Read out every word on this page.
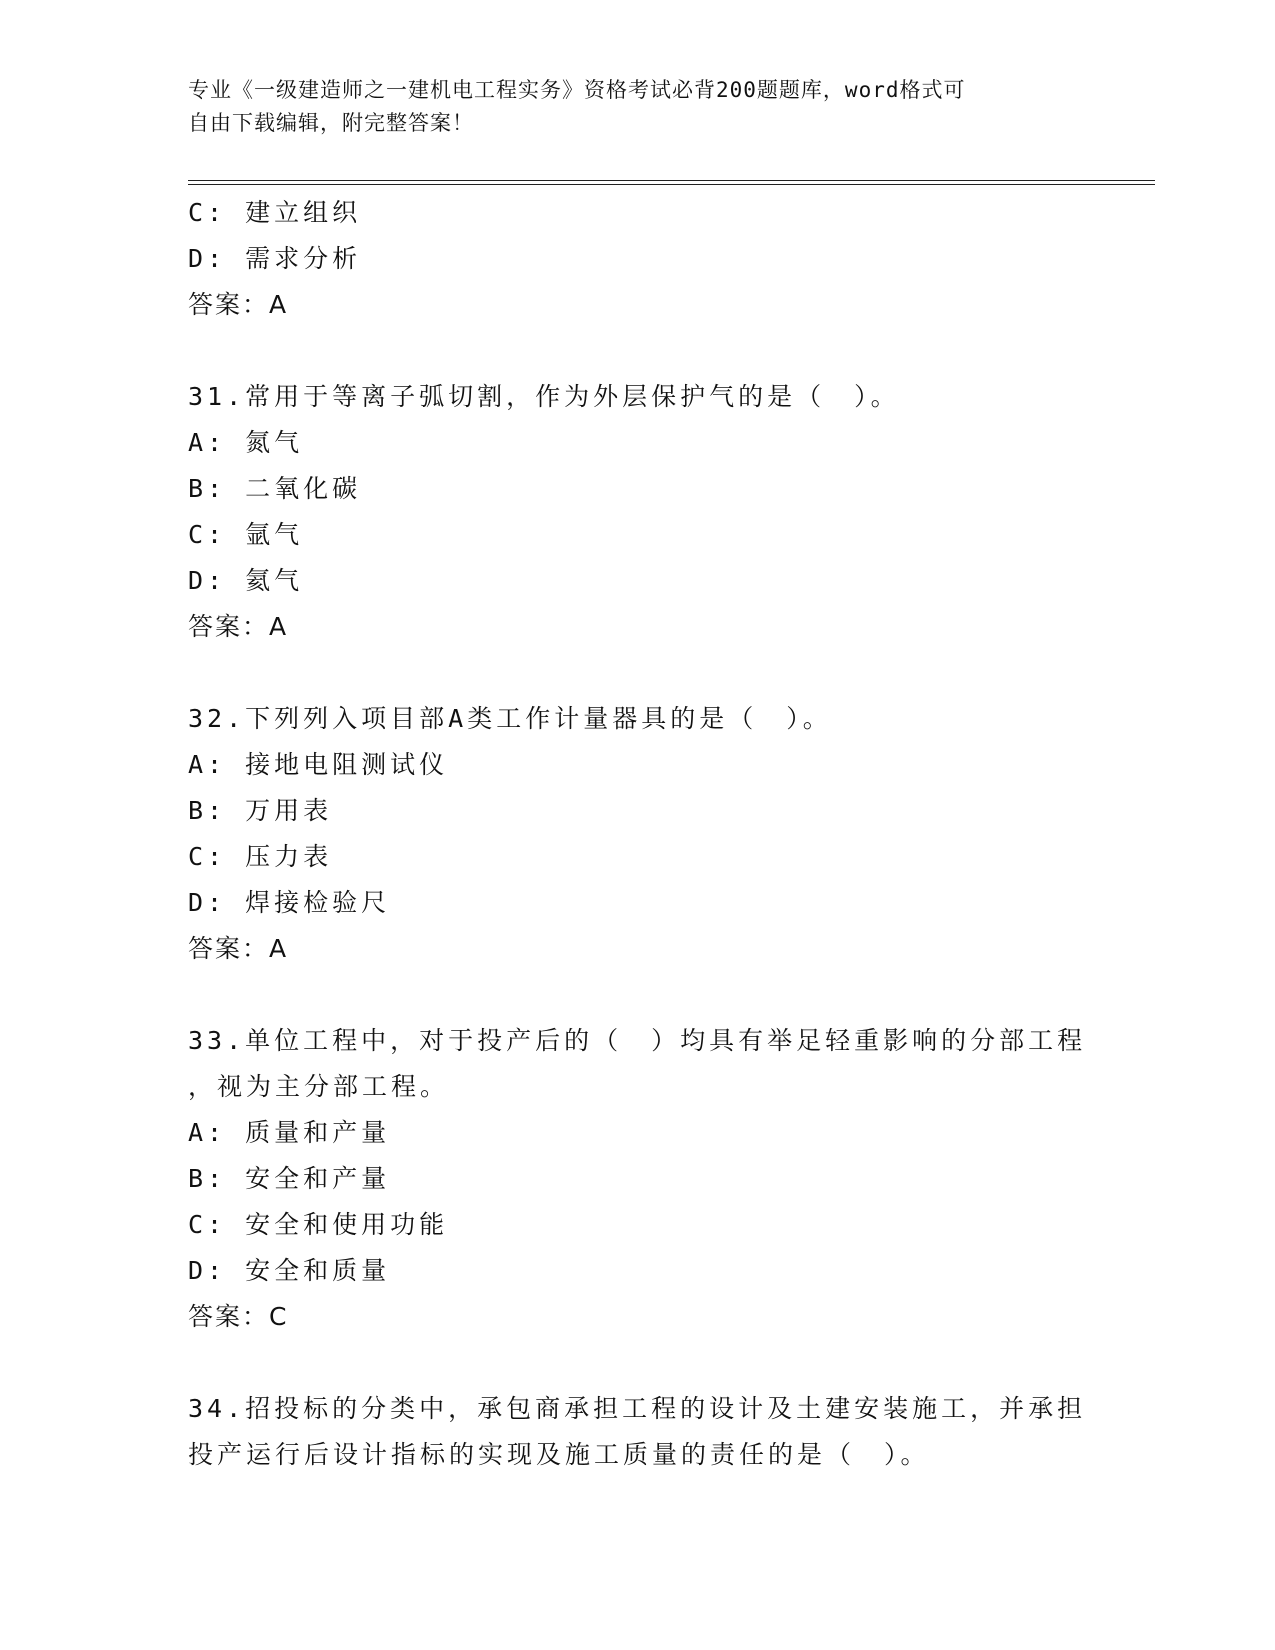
专业《一级建造师之一建机电工程实务》资格考试必背200题题库，word格式可
自由下载编辑，附完整答案！
C: 建立组织
D: 需求分析
答案：A
31.常用于等离子弧切割，作为外层保护气的是（　）。
A: 氮气
B: 二氧化碳
C: 氩气
D: 氦气
答案：A
32.下列列入项目部A类工作计量器具的是（　）。
A: 接地电阻测试仪
B: 万用表
C: 压力表
D: 焊接检验尺
答案：A
33.单位工程中，对于投产后的（　）均具有举足轻重影响的分部工程
，视为主分部工程。
A: 质量和产量
B: 安全和产量
C: 安全和使用功能
D: 安全和质量
答案：C
34.招投标的分类中，承包商承担工程的设计及土建安装施工，并承担
投产运行后设计指标的实现及施工质量的责任的是（　）。
